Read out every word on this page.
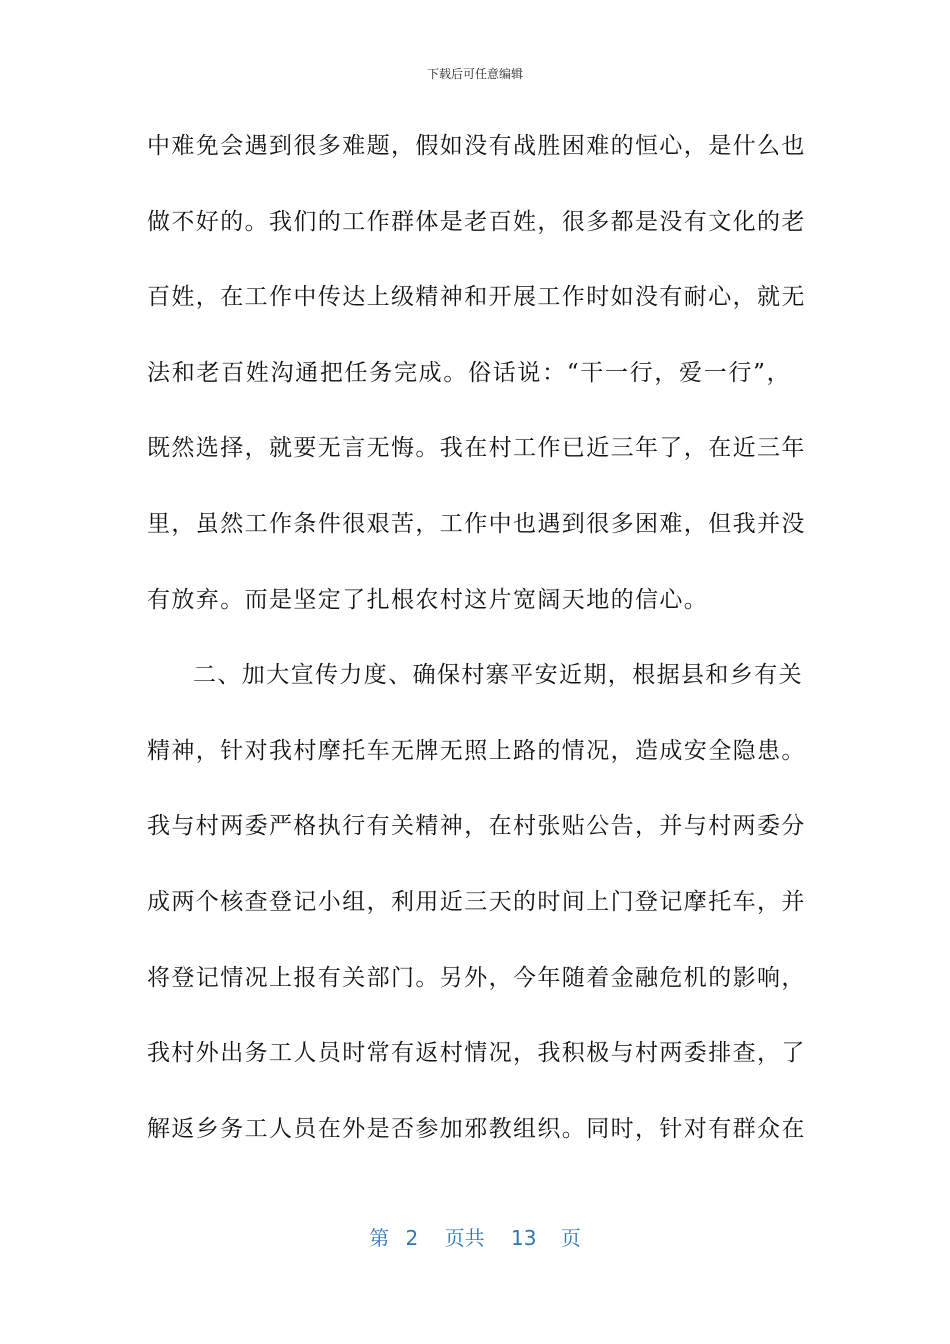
下载后可任意编辑
中难免会遇到很多难题，假如没有战胜困难的恒心，是什么也
做不好的。我们的工作群体是老百姓，很多都是没有文化的老
百姓，在工作中传达上级精神和开展工作时如没有耐心，就无
法和老百姓沟通把任务完成。俗话说：“干一行，爱一行”，
既然选择，就要无言无悔。我在村工作已近三年了，在近三年
里，虽然工作条件很艰苦，工作中也遇到很多困难，但我并没
有放弃。而是坚定了扎根农村这片宽阔天地的信心。
二、加大宣传力度、确保村寨平安近期，根据县和乡有关
精神，针对我村摩托车无牌无照上路的情况，造成安全隐患。
我与村两委严格执行有关精神，在村张贴公告，并与村两委分
成两个核查登记小组，利用近三天的时间上门登记摩托车，并
将登记情况上报有关部门。另外，今年随着金融危机的影响，
我村外出务工人员时常有返村情况，我积极与村两委排查，了
解返乡务工人员在外是否参加邪教组织。同时，针对有群众在
第 2 页共 13 页
